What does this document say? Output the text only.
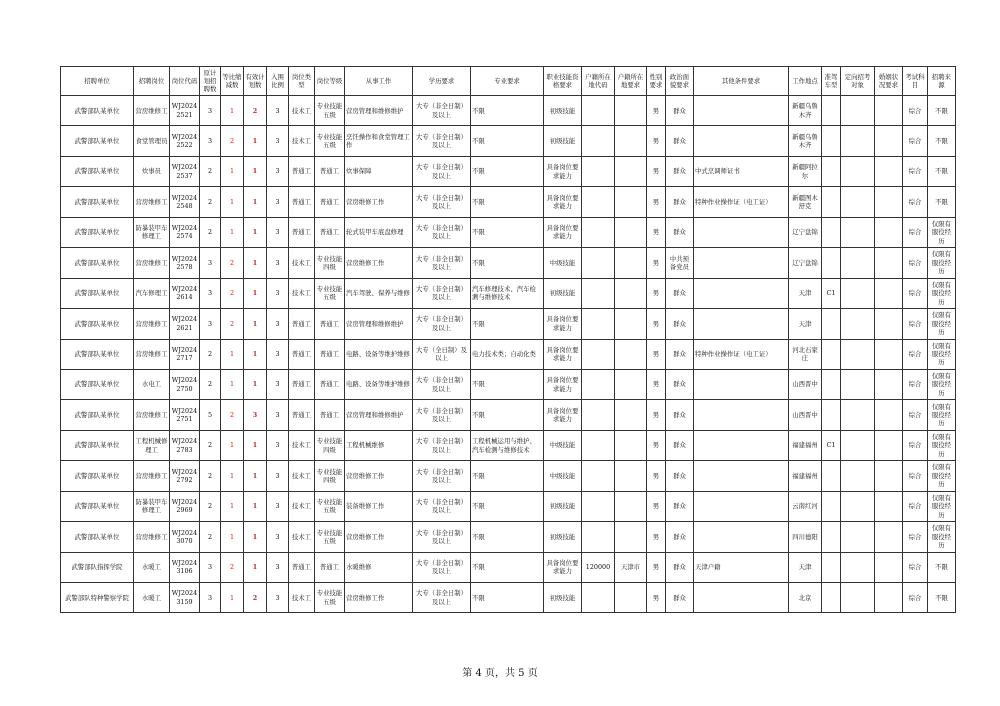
招聘单位	招聘岗位	岗位代码	原计划招聘数	等比缩减数	有效计划数	入围比例	岗位类型	岗位等级	从事工作	学历要求	专业要求	职业技能资格要求	户籍所在地代码	户籍所在地要求	性别要求	政治面貌要求	其他条件要求	工作地点	准驾车型	定向招考对象	婚姻状况要求	考试科目	招聘来源
武警部队某单位	营房维修工	WJ20242521	3	1	2	3	技术工	专业技能五级	营房管理和维修维护	大专（非全日制）及以上	不限	初级技能			男	群众		新疆乌鲁木齐				综合	不限
武警部队某单位	食堂管理员	WJ20242522	3	2	1	3	技术工	专业技能五级	烹饪操作和食堂管理工作	大专（非全日制）及以上	不限	初级技能			男	群众		新疆乌鲁木齐				综合	不限
武警部队某单位	炊事员	WJ20242537	2	1	1	3	普通工	普通工	炊事保障	大专（非全日制）及以上	不限	具备岗位要求能力			男	群众	中式烹调师证书	新疆阿拉尔				综合	不限
武警部队某单位	营房维修工	WJ20242548	2	1	1	3	普通工	普通工	营房维修工作	大专（非全日制）及以上	不限	具备岗位要求能力			男	群众	特种作业操作证（电工证）	新疆图木舒克				综合	不限
武警部队某单位	防暴装甲车修理工	WJ20242574	2	1	1	3	普通工	普通工	轮式装甲车底盘修理	大专（非全日制）及以上	不限	具备岗位要求能力			男	群众		辽宁盘锦				综合	仅限有服役经历
武警部队某单位	营房维修工	WJ20242578	3	2	1	3	技术工	专业技能四级	营房维修工作	大专（非全日制）及以上	不限	中级技能			男	中共预备党员		辽宁盘锦				综合	仅限有服役经历
武警部队某单位	汽车修理工	WJ20242614	3	2	1	3	技术工	专业技能五级	汽车驾驶、保养与维修	大专（非全日制）及以上	汽车修理技术、汽车检测与维修技术	初级技能			男	群众		天津	C1			综合	仅限有服役经历
武警部队某单位	营房维修工	WJ20242621	3	2	1	3	普通工	普通工	营房管理和维修维护	大专（非全日制）及以上	不限	具备岗位要求能力			男	群众		天津				综合	仅限有服役经历
武警部队某单位	营房维修工	WJ20242717	2	1	1	3	普通工	普通工	电路、设备等维护维修	大专（全日制）及以上	电力技术类；自动化类	具备岗位要求能力			男	群众	特种作业操作证（电工证）	河北石家庄				综合	仅限有服役经历
武警部队某单位	水电工	WJ20242750	2	1	1	3	普通工	普通工	电路、设备等维护维修	大专（非全日制）及以上	不限	具备岗位要求能力			男	群众		山西晋中				综合	仅限有服役经历
武警部队某单位	营房维修工	WJ20242751	5	2	3	3	普通工	普通工	营房管理和维修维护	大专（非全日制）及以上	不限	具备岗位要求能力			男	群众		山西晋中				综合	仅限有服役经历
武警部队某单位	工程机械修理工	WJ20242783	2	1	1	3	技术工	专业技能四级	工程机械维修	大专（非全日制）及以上	工程机械运用与维护、汽车检测与维修技术	中级技能			男	群众		福建福州	C1			综合	仅限有服役经历
武警部队某单位	营房维修工	WJ20242792	2	1	1	3	技术工	专业技能四级	营房维修工作	大专（非全日制）及以上	不限	中级技能			男	群众		福建福州				综合	仅限有服役经历
武警部队某单位	防暴装甲车修理工	WJ20242969	2	1	1	3	技术工	专业技能五级	装备维修工作	大专（非全日制）及以上	不限	初级技能			男	群众		云南红河				综合	仅限有服役经历
武警部队某单位	营房维修工	WJ20243070	2	1	1	3	技术工	专业技能五级	营房维修工作	大专（非全日制）及以上	不限	初级技能			男	群众		四川德阳				综合	仅限有服役经历
武警部队指挥学院	水暖工	WJ20243106	3	2	1	3	普通工	普通工	水暖维修	大专（非全日制）及以上	不限	具备岗位要求能力	120000	天津市	男	群众	天津户籍	天津				综合	不限
武警部队特种警察学院	水暖工	WJ20243159	3	1	2	3	技术工	专业技能五级	营房维修工作	大专（非全日制）及以上	不限	初级技能			男	群众		北京				综合	不限
第 4 页，共 5 页
